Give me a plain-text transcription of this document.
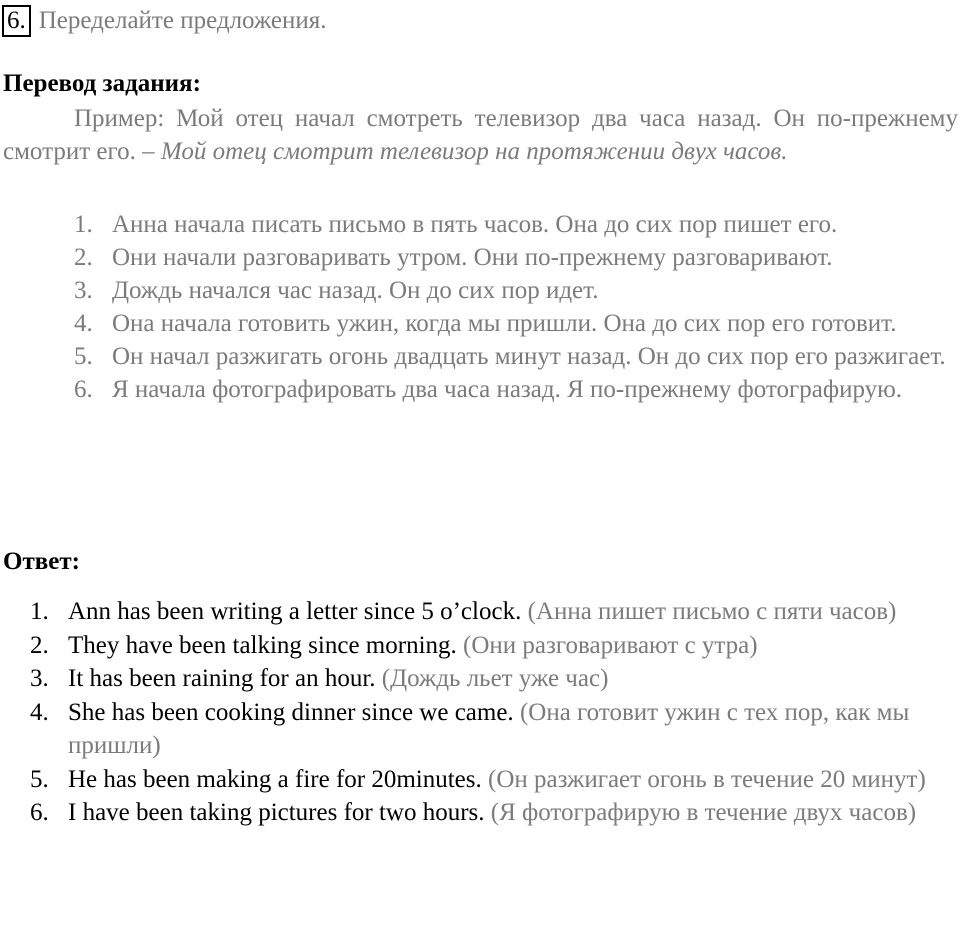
6. Переделайте предложения.
Перевод задания:
Пример: Мой отец начал смотреть телевизор два часа назад. Он по-прежнему смотрит его. – Мой отец смотрит телевизор на протяжении двух часов.
1. Анна начала писать письмо в пять часов. Она до сих пор пишет его.
2. Они начали разговаривать утром. Они по-прежнему разговаривают.
3. Дождь начался час назад. Он до сих пор идет.
4. Она начала готовить ужин, когда мы пришли. Она до сих пор его готовит.
5. Он начал разжигать огонь двадцать минут назад. Он до сих пор его разжигает.
6. Я начала фотографировать два часа назад. Я по-прежнему фотографирую.
Ответ:
1. Ann has been writing a letter since 5 o’clock. (Анна пишет письмо с пяти часов)
2. They have been talking since morning. (Они разговаривают с утра)
3. It has been raining for an hour. (Дождь льет уже час)
4. She has been cooking dinner since we came. (Она готовит ужин с тех пор, как мы пришли)
5. He has been making a fire for 20minutes. (Он разжигает огонь в течение 20 минут)
6. I have been taking pictures for two hours. (Я фотографирую в течение двух часов)
